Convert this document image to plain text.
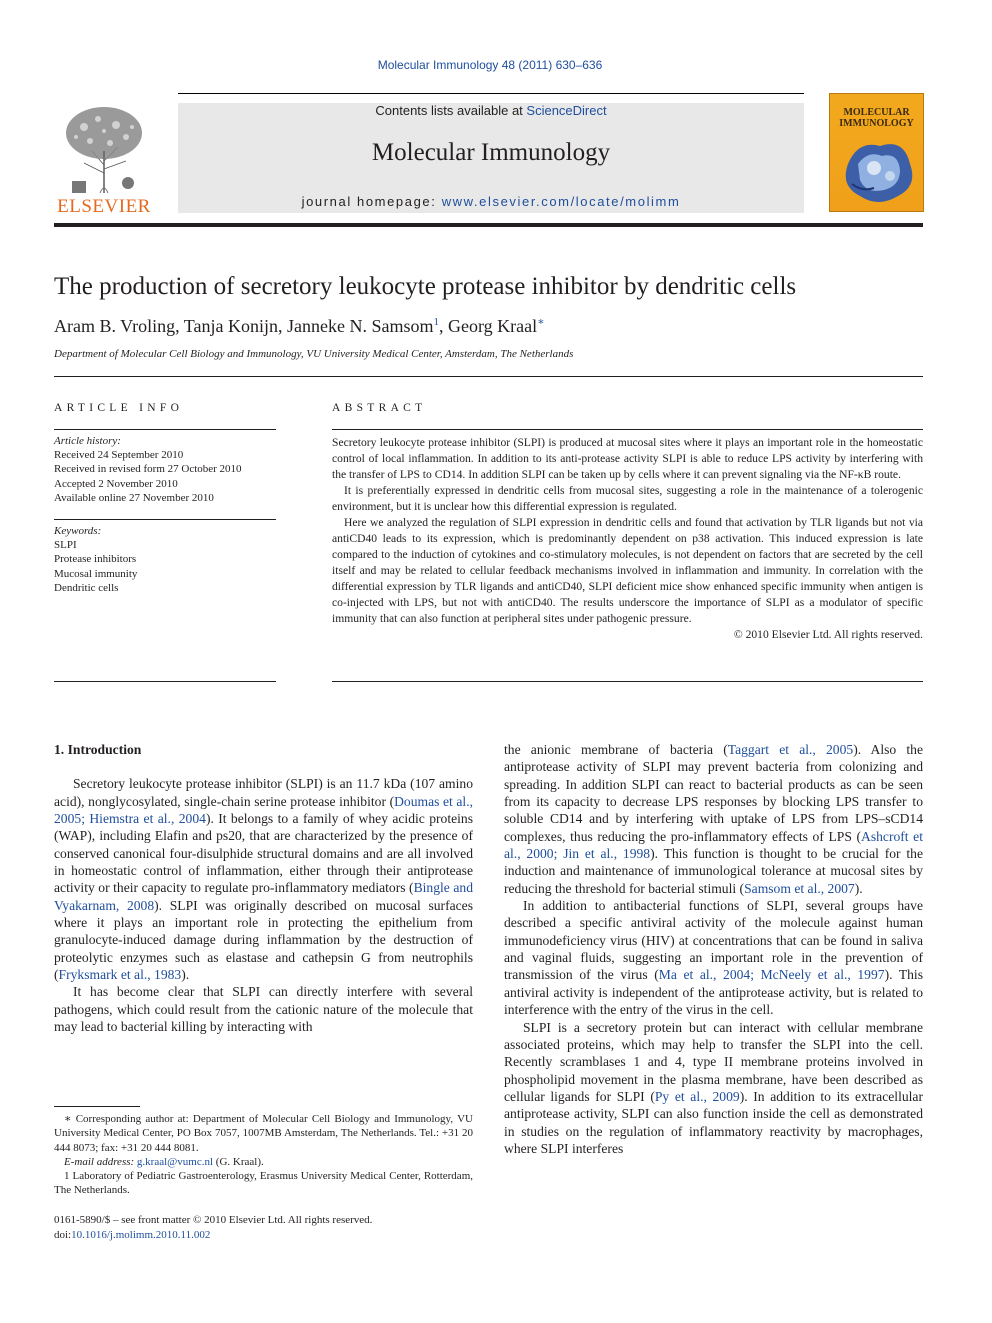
Molecular Immunology 48 (2011) 630–636
ELSEVIER
Contents lists available at ScienceDirect
Molecular Immunology
journal homepage: www.elsevier.com/locate/molimm
MOLECULAR IMMUNOLOGY
The production of secretory leukocyte protease inhibitor by dendritic cells
Aram B. Vroling, Tanja Konijn, Janneke N. Samsom$^1$, Georg Kraal∗
Department of Molecular Cell Biology and Immunology, VU University Medical Center, Amsterdam, The Netherlands
ARTICLE INFO
Article history:
Received 24 September 2010
Received in revised form 27 October 2010
Accepted 2 November 2010
Available online 27 November 2010
Keywords:
SLPI
Protease inhibitors
Mucosal immunity
Dendritic cells
ABSTRACT

Secretory leukocyte protease inhibitor (SLPI) is produced at mucosal sites where it plays an important role in the homeostatic control of local inflammation. In addition to its anti-protease activity SLPI is able to reduce LPS activity by interfering with the transfer of LPS to CD14. In addition SLPI can be taken up by cells where it can prevent signaling via the NF-κB route.

It is preferentially expressed in dendritic cells from mucosal sites, suggesting a role in the maintenance of a tolerogenic environment, but it is unclear how this differential expression is regulated.

Here we analyzed the regulation of SLPI expression in dendritic cells and found that activation by TLR ligands but not via antiCD40 leads to its expression, which is predominantly dependent on p38 activation. This induced expression is late compared to the induction of cytokines and co-stimulatory molecules, is not dependent on factors that are secreted by the cell itself and may be related to cellular feedback mechanisms involved in inflammation and immunity. In correlation with the differential expression by TLR ligands and antiCD40, SLPI deficient mice show enhanced specific immunity when antigen is co-injected with LPS, but not with antiCD40. The results underscore the importance of SLPI as a modulator of specific immunity that can also function at peripheral sites under pathogenic pressure.

© 2010 Elsevier Ltd. All rights reserved.

1. Introduction

Secretory leukocyte protease inhibitor (SLPI) is an 11.7 kDa (107 amino acid), nonglycosylated, single-chain serine protease inhibitor (Doumas et al., 2005; Hiemstra et al., 2004). It belongs to a family of whey acidic proteins (WAP), including Elafin and ps20, that are characterized by the presence of conserved canonical four-disulphide structural domains and are all involved in homeostatic control of inflammation, either through their antiprotease activity or their capacity to regulate pro-inflammatory mediators (Bingle and Vyakarnam, 2008). SLPI was originally described on mucosal surfaces where it plays an important role in protecting the epithelium from granulocyte-induced damage during inflammation by the destruction of proteolytic enzymes such as elastase and cathepsin G from neutrophils (Fryksmark et al., 1983).

It has become clear that SLPI can directly interfere with several pathogens, which could result from the cationic nature of the molecule that may lead to bacterial killing by interacting with

the anionic membrane of bacteria (Taggart et al., 2005). Also the antiprotease activity of SLPI may prevent bacteria from colonizing and spreading. In addition SLPI can react to bacterial products as can be seen from its capacity to decrease LPS responses by blocking LPS transfer to soluble CD14 and by interfering with uptake of LPS from LPS–sCD14 complexes, thus reducing the pro-inflammatory effects of LPS (Ashcroft et al., 2000; Jin et al., 1998). This function is thought to be crucial for the induction and maintenance of immunological tolerance at mucosal sites by reducing the threshold for bacterial stimuli (Samsom et al., 2007).

In addition to antibacterial functions of SLPI, several groups have described a specific antiviral activity of the molecule against human immunodeficiency virus (HIV) at concentrations that can be found in saliva and vaginal fluids, suggesting an important role in the prevention of transmission of the virus (Ma et al., 2004; McNeely et al., 1997). This antiviral activity is independent of the antiprotease activity, but is related to interference with the entry of the virus in the cell.

SLPI is a secretory protein but can interact with cellular membrane associated proteins, which may help to transfer the SLPI into the cell. Recently scramblases 1 and 4, type II membrane proteins involved in phospholipid movement in the plasma membrane, have been described as cellular ligands for SLPI (Py et al., 2009). In addition to its extracellular antiprotease activity, SLPI can also function inside the cell as demonstrated in studies on the regulation of inflammatory reactivity by macrophages, where SLPI interferes

∗ Corresponding author at: Department of Molecular Cell Biology and Immunology, VU University Medical Center, PO Box 7057, 1007MB Amsterdam, The Netherlands. Tel.: +31 20 444 8073; fax: +31 20 444 8081.

E-mail address: g.kraal@vumc.nl (G. Kraal).

1 Laboratory of Pediatric Gastroenterology, Erasmus University Medical Center, Rotterdam, The Netherlands.

0161-5890/$ – see front matter © 2010 Elsevier Ltd. All rights reserved.
doi:10.1016/j.molimm.2010.11.002
